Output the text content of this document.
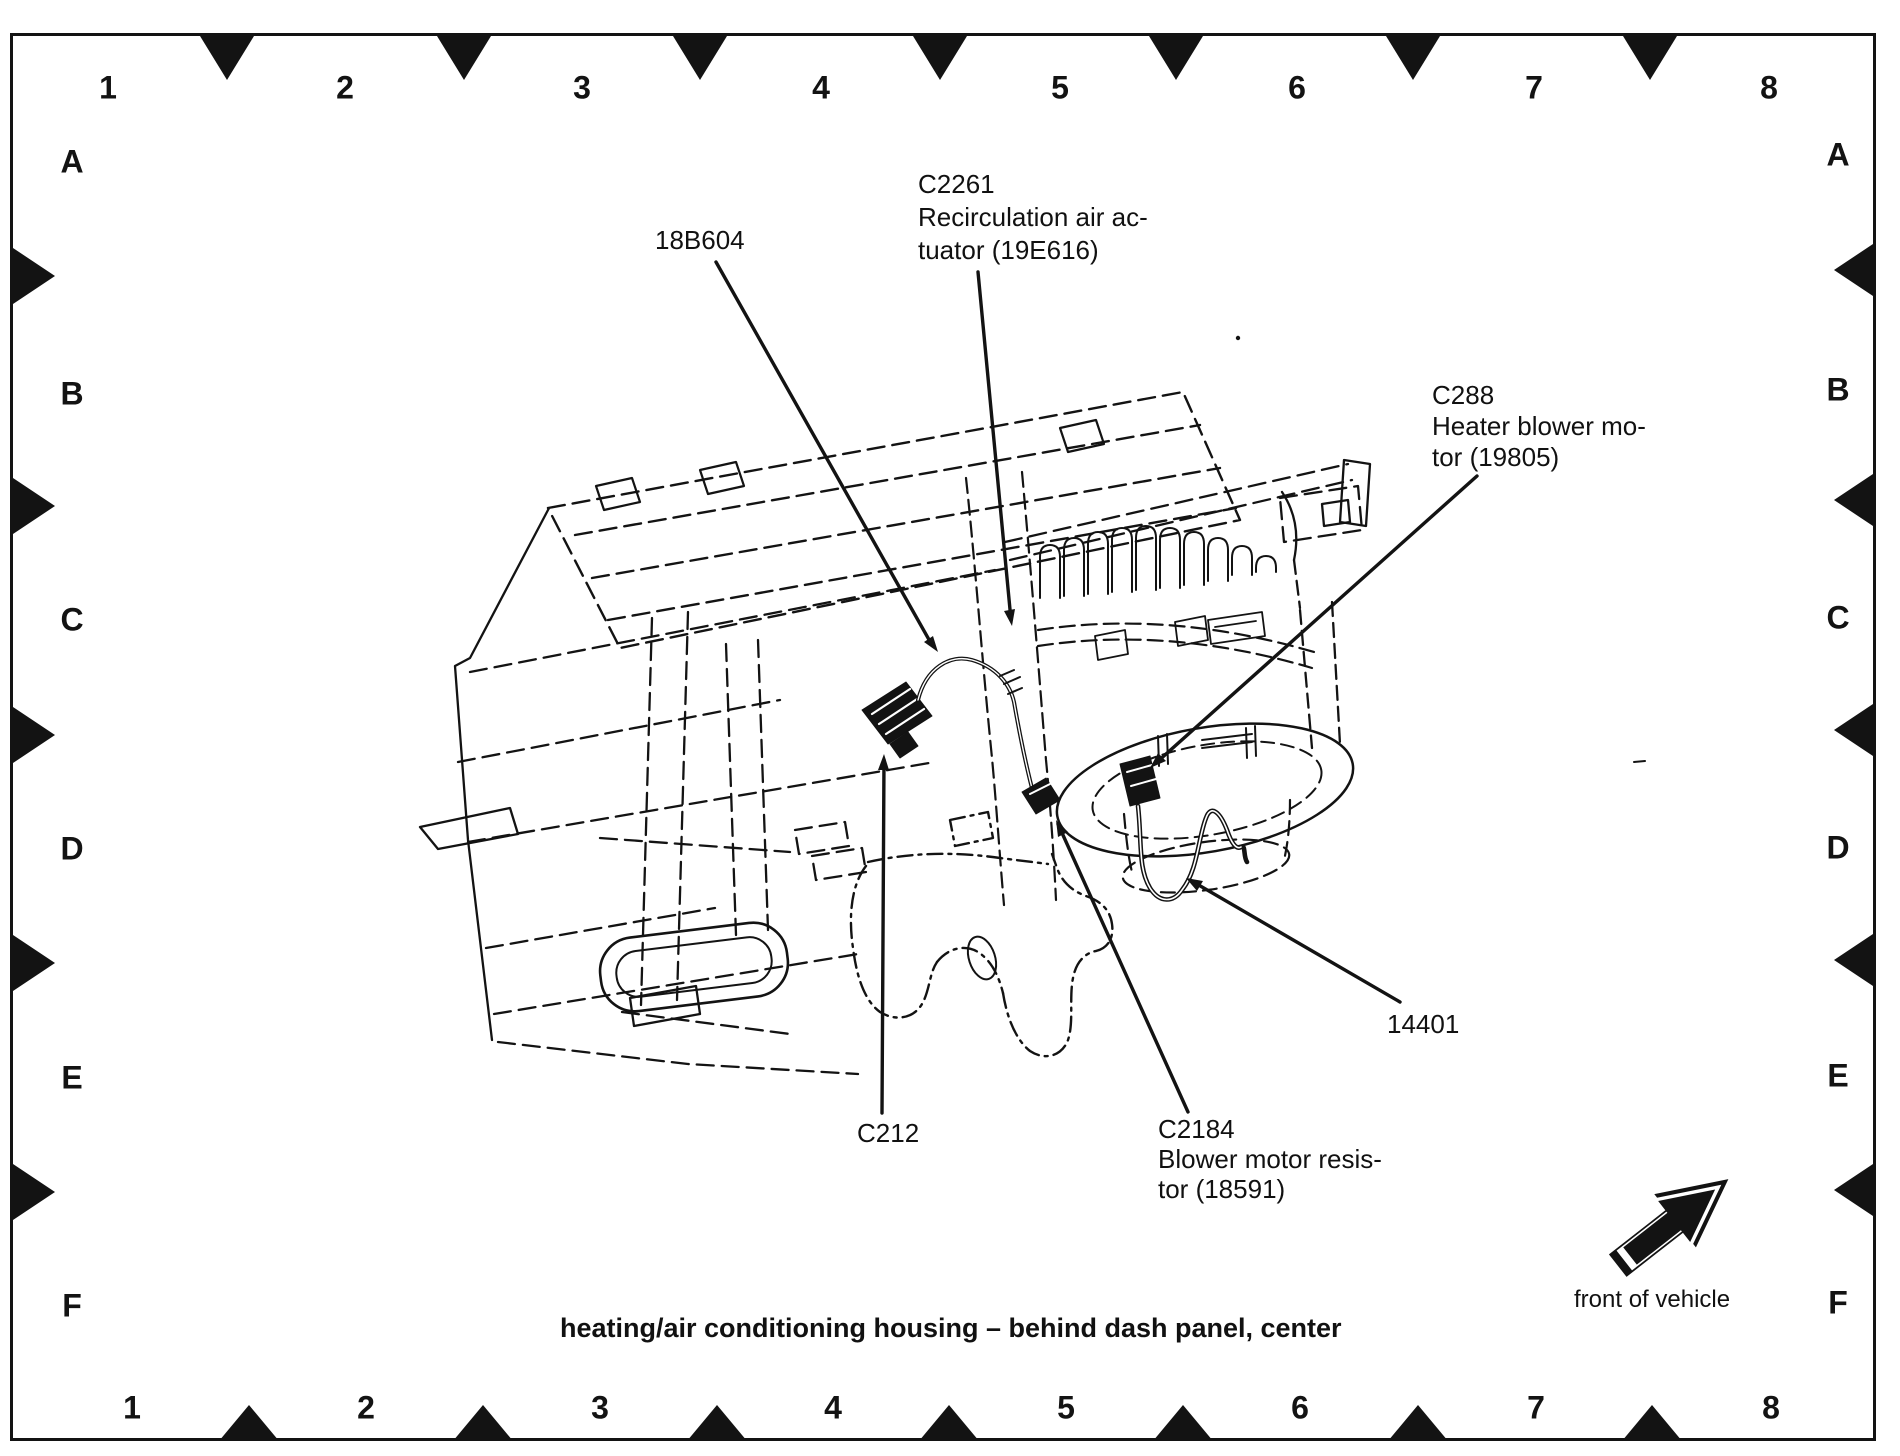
1	2	3	4	5	6	7	8
1	2	3	4	5	6	7	8
A
B
C
D
E
F
A
B
C
D
E
F
18B604
C2261
Recirculation air ac-
tuator (19E616)
C288
Heater blower mo-
tor (19805)
14401
C212	C2184
Blower motor resis-
tor (18591)
heating/air conditioning housing – behind dash panel, center
front of vehicle
